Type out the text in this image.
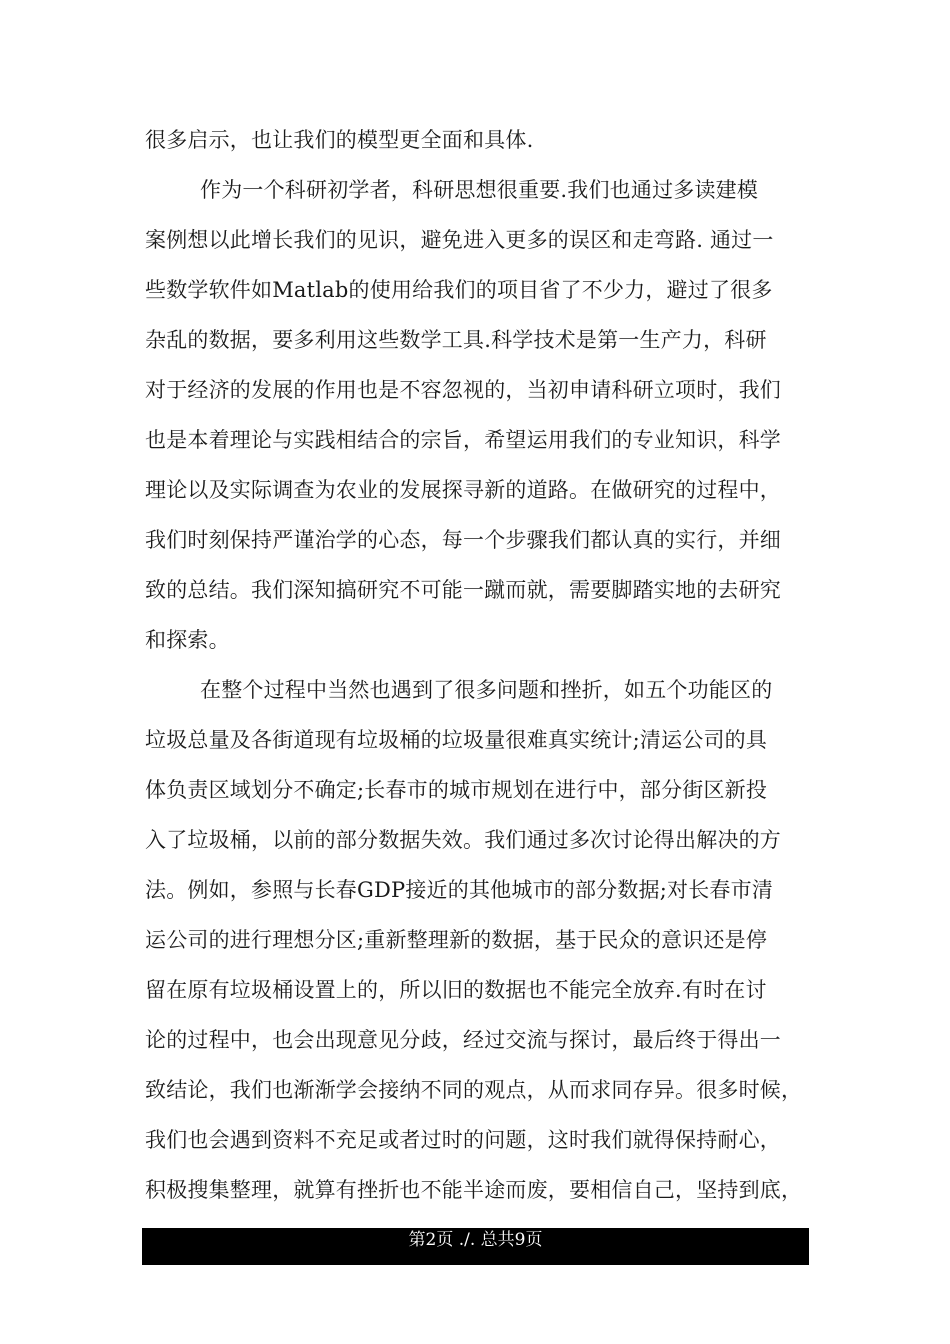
很多启示，也让我们的模型更全面和具体.
作为一个科研初学者，科研思想很重要.我们也通过多读建模
案例想以此增长我们的见识，避免进入更多的误区和走弯路. 通过一
些数学软件如Matlab的使用给我们的项目省了不少力，避过了很多
杂乱的数据，要多利用这些数学工具.科学技术是第一生产力，科研
对于经济的发展的作用也是不容忽视的，当初申请科研立项时，我们
也是本着理论与实践相结合的宗旨，希望运用我们的专业知识，科学
理论以及实际调查为农业的发展探寻新的道路。在做研究的过程中，
我们时刻保持严谨治学的心态，每一个步骤我们都认真的实行，并细
致的总结。我们深知搞研究不可能一蹴而就，需要脚踏实地的去研究
和探索。
在整个过程中当然也遇到了很多问题和挫折，如五个功能区的
垃圾总量及各街道现有垃圾桶的垃圾量很难真实统计;清运公司的具
体负责区域划分不确定;长春市的城市规划在进行中，部分街区新投
入了垃圾桶，以前的部分数据失效。我们通过多次讨论得出解决的方
法。例如，参照与长春GDP接近的其他城市的部分数据;对长春市清
运公司的进行理想分区;重新整理新的数据，基于民众的意识还是停
留在原有垃圾桶设置上的，所以旧的数据也不能完全放弃.有时在讨
论的过程中，也会出现意见分歧，经过交流与探讨，最后终于得出一
致结论，我们也渐渐学会接纳不同的观点，从而求同存异。很多时候，
我们也会遇到资料不充足或者过时的问题，这时我们就得保持耐心，
积极搜集整理，就算有挫折也不能半途而废，要相信自己，坚持到底，
第2页 ./. 总共9页
